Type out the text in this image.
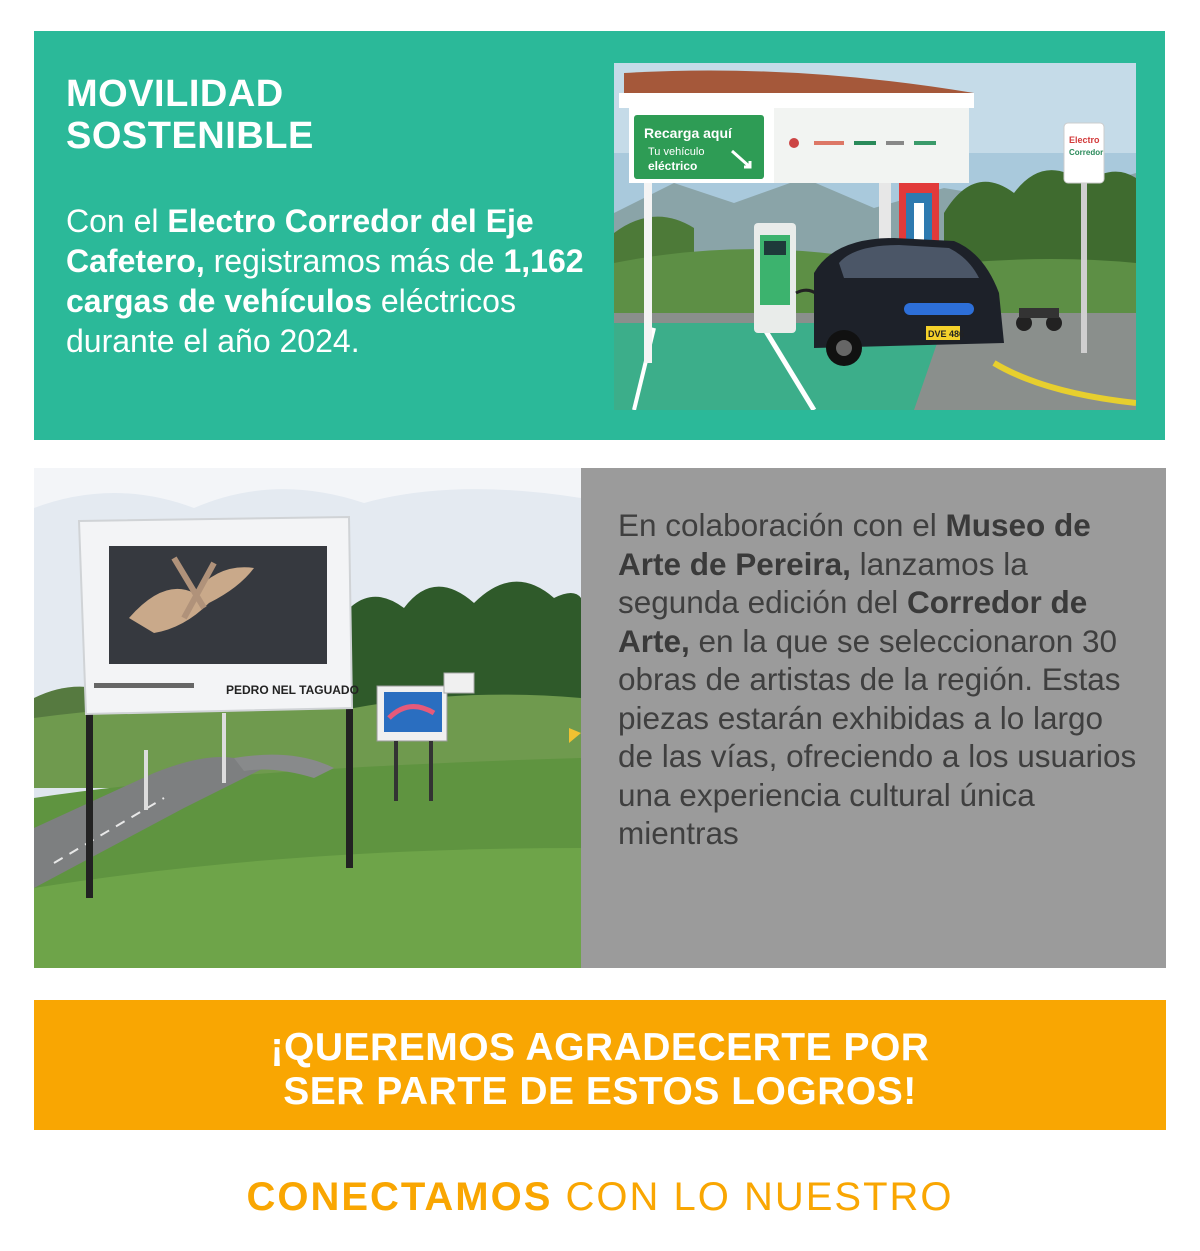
MOVILIDAD
SOSTENIBLE

Con el Electro Corredor del Eje Cafetero, registramos más de 1,162 cargas de vehículos eléctricos durante el año 2024.

Recarga aquí
Tu vehículo
eléctrico
DVE 486
Electro
Corredor
PEDRO NEL TAGUADO

En colaboración con el Museo de Arte de Pereira, lanzamos la segunda edición del Corredor de Arte, en la que se seleccionaron 30 obras de artistas de la región. Estas piezas estarán exhibidas a lo largo de las vías, ofreciendo a los usuarios una experiencia cultural única mientras

¡QUEREMOS AGRADECERTE POR
SER PARTE DE ESTOS LOGROS!

CONECTAMOS CON LO NUESTRO
